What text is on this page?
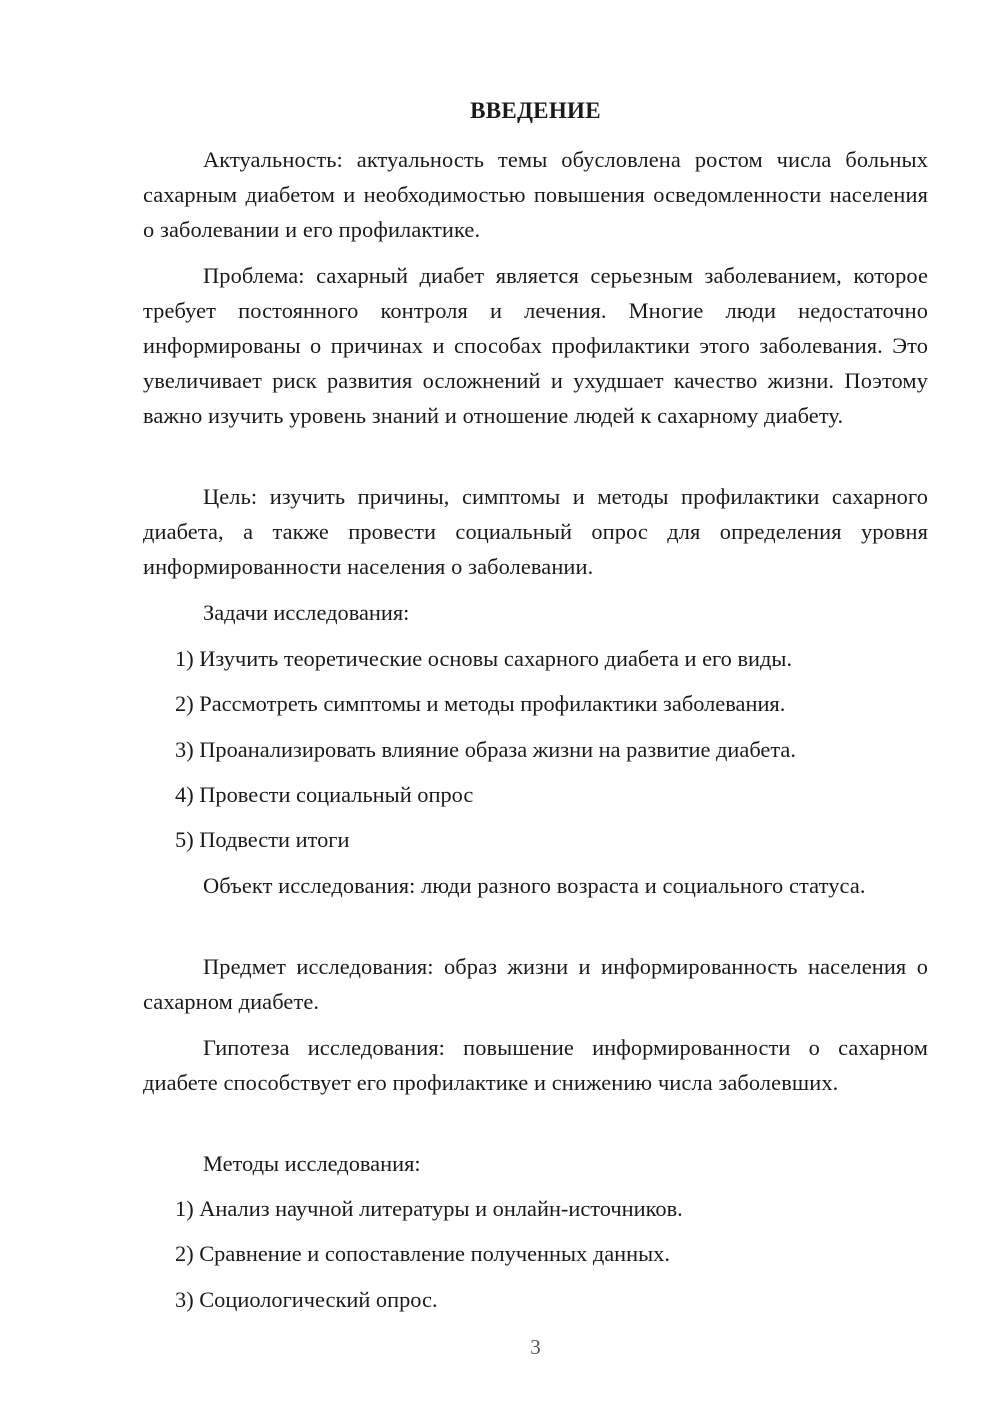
ВВЕДЕНИЕ

Актуальность: актуальность темы обусловлена ростом числа больных сахарным диабетом и необходимостью повышения осведомленности населения о заболевании и его профилактике.

Проблема: сахарный диабет является серьезным заболеванием, которое требует постоянного контроля и лечения. Многие люди недостаточно информированы о причинах и способах профилактики этого заболевания. Это увеличивает риск развития осложнений и ухудшает качество жизни. Поэтому важно изучить уровень знаний и отношение людей к сахарному диабету.

Цель: изучить причины, симптомы и методы профилактики сахарного диабета, а также провести социальный опрос для определения уровня информированности населения о заболевании.

Задачи исследования:

1) Изучить теоретические основы сахарного диабета и его виды.

2) Рассмотреть симптомы и методы профилактики заболевания.

3) Проанализировать влияние образа жизни на развитие диабета.

4) Провести социальный опрос

5) Подвести итоги

Объект исследования: люди разного возраста и социального статуса.

Предмет исследования: образ жизни и информированность населения о сахарном диабете.

Гипотеза исследования: повышение информированности о сахарном диабете способствует его профилактике и снижению числа заболевших.

Методы исследования:

1) Анализ научной литературы и онлайн-источников.

2) Сравнение и сопоставление полученных данных.

3) Социологический опрос.

3
